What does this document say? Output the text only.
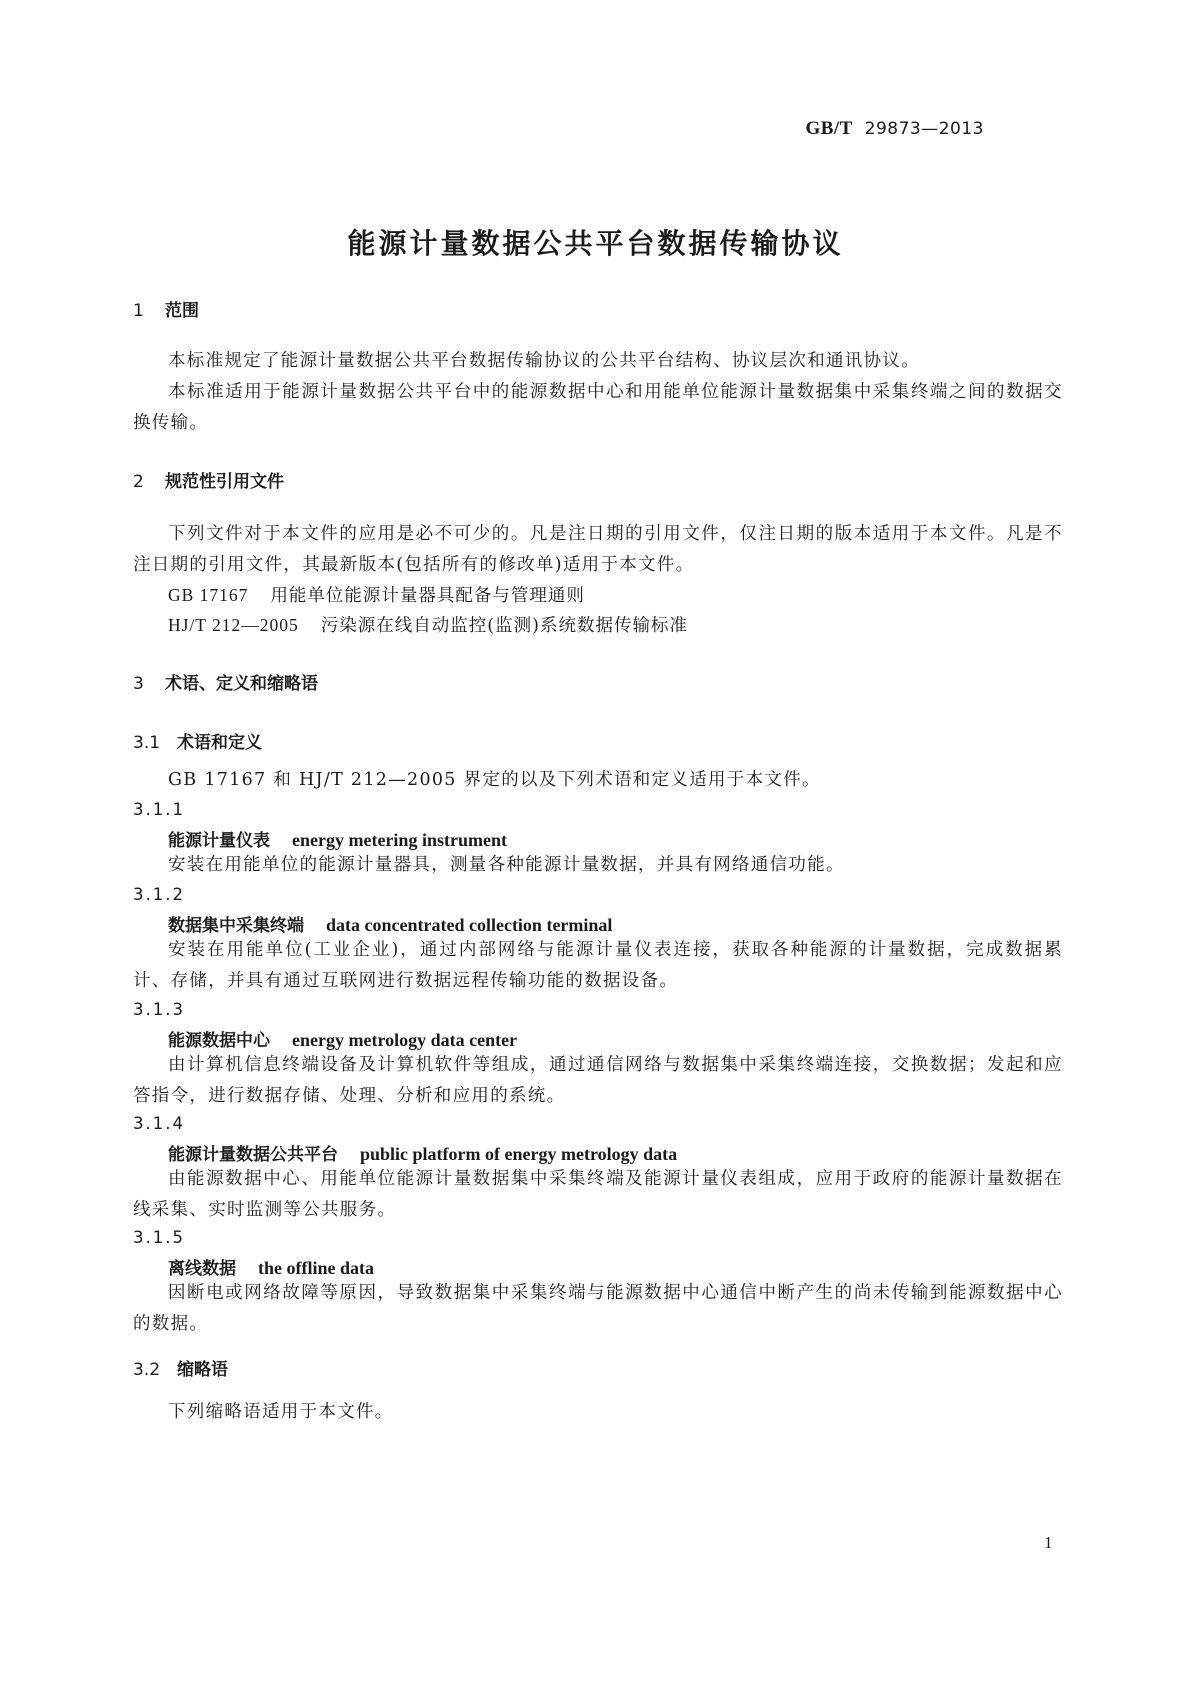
GB/T 29873—2013
能源计量数据公共平台数据传输协议
1 范围
本标准规定了能源计量数据公共平台数据传输协议的公共平台结构、协议层次和通讯协议。
本标准适用于能源计量数据公共平台中的能源数据中心和用能单位能源计量数据集中采集终端之间的数据交换传输。
2 规范性引用文件
下列文件对于本文件的应用是必不可少的。凡是注日期的引用文件，仅注日期的版本适用于本文件。凡是不注日期的引用文件，其最新版本(包括所有的修改单)适用于本文件。
GB 17167 用能单位能源计量器具配备与管理通则
HJ/T 212—2005 污染源在线自动监控(监测)系统数据传输标准
3 术语、定义和缩略语
3.1 术语和定义
GB 17167 和 HJ/T 212—2005 界定的以及下列术语和定义适用于本文件。
3.1.1
能源计量仪表 energy metering instrument
安装在用能单位的能源计量器具，测量各种能源计量数据，并具有网络通信功能。
3.1.2
数据集中采集终端 data concentrated collection terminal
安装在用能单位(工业企业)，通过内部网络与能源计量仪表连接，获取各种能源的计量数据，完成数据累计、存储，并具有通过互联网进行数据远程传输功能的数据设备。
3.1.3
能源数据中心 energy metrology data center
由计算机信息终端设备及计算机软件等组成，通过通信网络与数据集中采集终端连接，交换数据；发起和应答指令，进行数据存储、处理、分析和应用的系统。
3.1.4
能源计量数据公共平台 public platform of energy metrology data
由能源数据中心、用能单位能源计量数据集中采集终端及能源计量仪表组成，应用于政府的能源计量数据在线采集、实时监测等公共服务。
3.1.5
离线数据 the offline data
因断电或网络故障等原因，导致数据集中采集终端与能源数据中心通信中断产生的尚未传输到能源数据中心的数据。
3.2 缩略语
下列缩略语适用于本文件。
1
